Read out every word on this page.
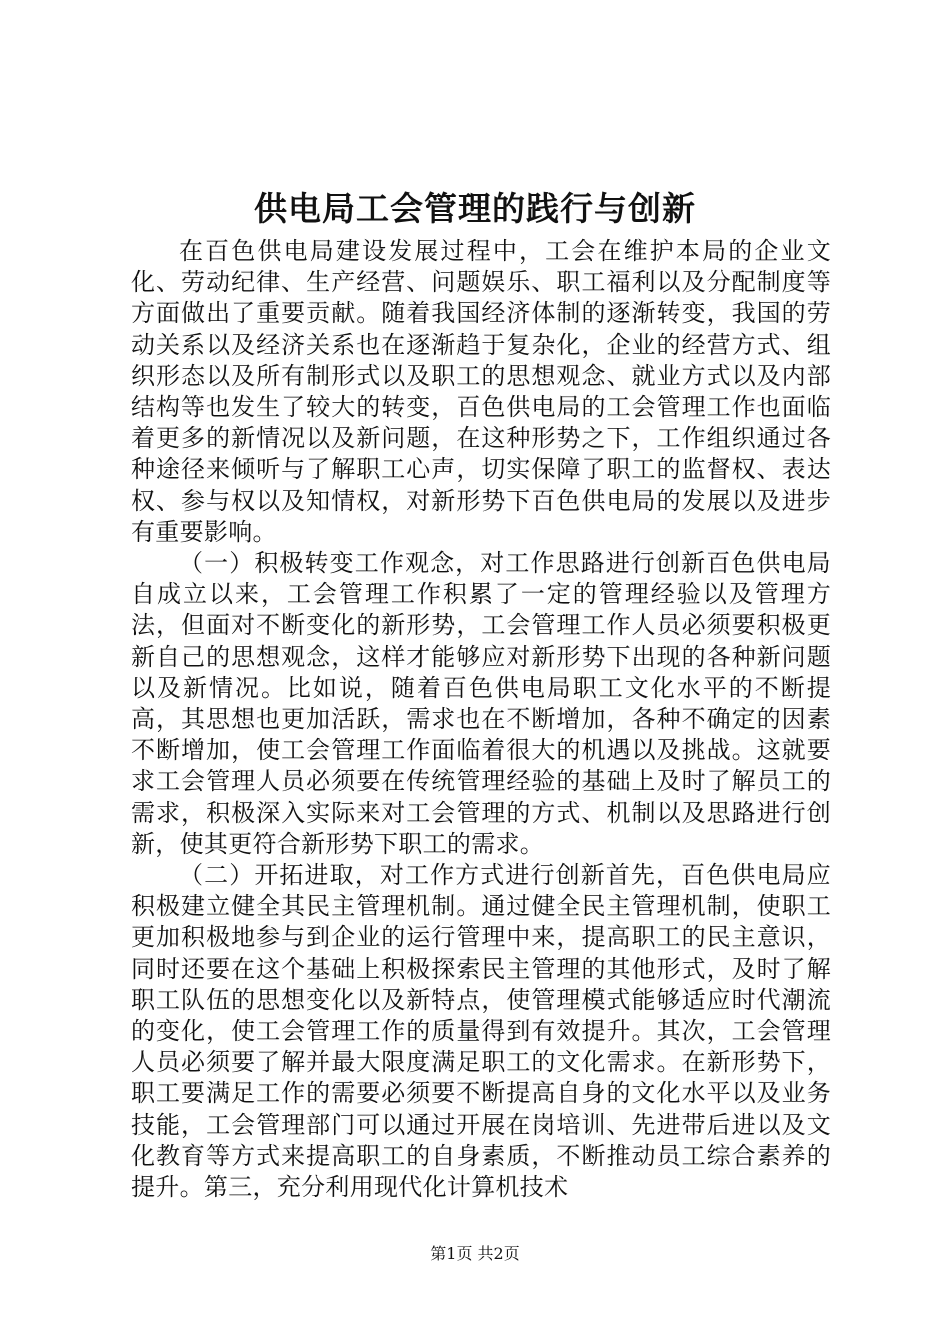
供电局工会管理的践行与创新

在百色供电局建设发展过程中，工会在维护本局的企业文化、劳动纪律、生产经营、问题娱乐、职工福利以及分配制度等方面做出了重要贡献。随着我国经济体制的逐渐转变，我国的劳动关系以及经济关系也在逐渐趋于复杂化，企业的经营方式、组织形态以及所有制形式以及职工的思想观念、就业方式以及内部结构等也发生了较大的转变，百色供电局的工会管理工作也面临着更多的新情况以及新问题，在这种形势之下，工作组织通过各种途径来倾听与了解职工心声，切实保障了职工的监督权、表达权、参与权以及知情权，对新形势下百色供电局的发展以及进步有重要影响。

（一）积极转变工作观念，对工作思路进行创新百色供电局自成立以来，工会管理工作积累了一定的管理经验以及管理方法，但面对不断变化的新形势，工会管理工作人员必须要积极更新自己的思想观念，这样才能够应对新形势下出现的各种新问题以及新情况。比如说，随着百色供电局职工文化水平的不断提高，其思想也更加活跃，需求也在不断增加，各种不确定的因素不断增加，使工会管理工作面临着很大的机遇以及挑战。这就要求工会管理人员必须要在传统管理经验的基础上及时了解员工的需求，积极深入实际来对工会管理的方式、机制以及思路进行创新，使其更符合新形势下职工的需求。

（二）开拓进取，对工作方式进行创新首先，百色供电局应积极建立健全其民主管理机制。通过健全民主管理机制，使职工更加积极地参与到企业的运行管理中来，提高职工的民主意识，同时还要在这个基础上积极探索民主管理的其他形式，及时了解职工队伍的思想变化以及新特点，使管理模式能够适应时代潮流的变化，使工会管理工作的质量得到有效提升。其次，工会管理人员必须要了解并最大限度满足职工的文化需求。在新形势下，职工要满足工作的需要必须要不断提高自身的文化水平以及业务技能，工会管理部门可以通过开展在岗培训、先进带后进以及文化教育等方式来提高职工的自身素质，不断推动员工综合素养的提升。第三，充分利用现代化计算机技术

第1页 共2页
